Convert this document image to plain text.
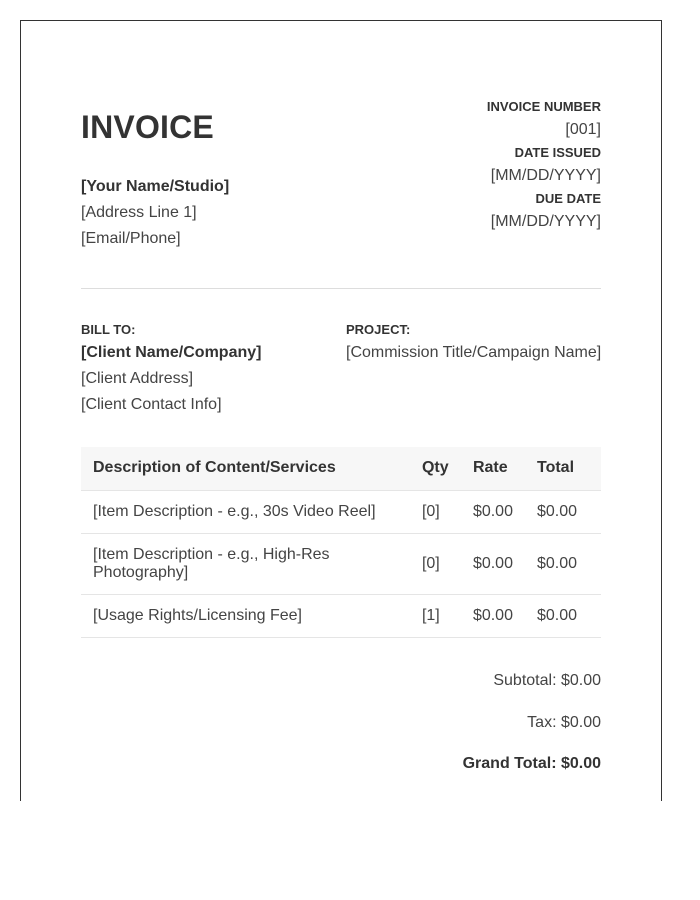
INVOICE
[Your Name/Studio]
[Address Line 1]
[Email/Phone]
INVOICE NUMBER
[001]
DATE ISSUED
[MM/DD/YYYY]
DUE DATE
[MM/DD/YYYY]
BILL TO:
[Client Name/Company]
[Client Address]
[Client Contact Info]
PROJECT:
[Commission Title/Campaign Name]
Description of Content/Services	Qty	Rate	Total
[Item Description - e.g., 30s Video Reel]	[0]	$0.00	$0.00
[Item Description - e.g., High-Res Photography]	[0]	$0.00	$0.00
[Usage Rights/Licensing Fee]	[1]	$0.00	$0.00
Subtotal: $0.00
Tax: $0.00
Grand Total: $0.00
